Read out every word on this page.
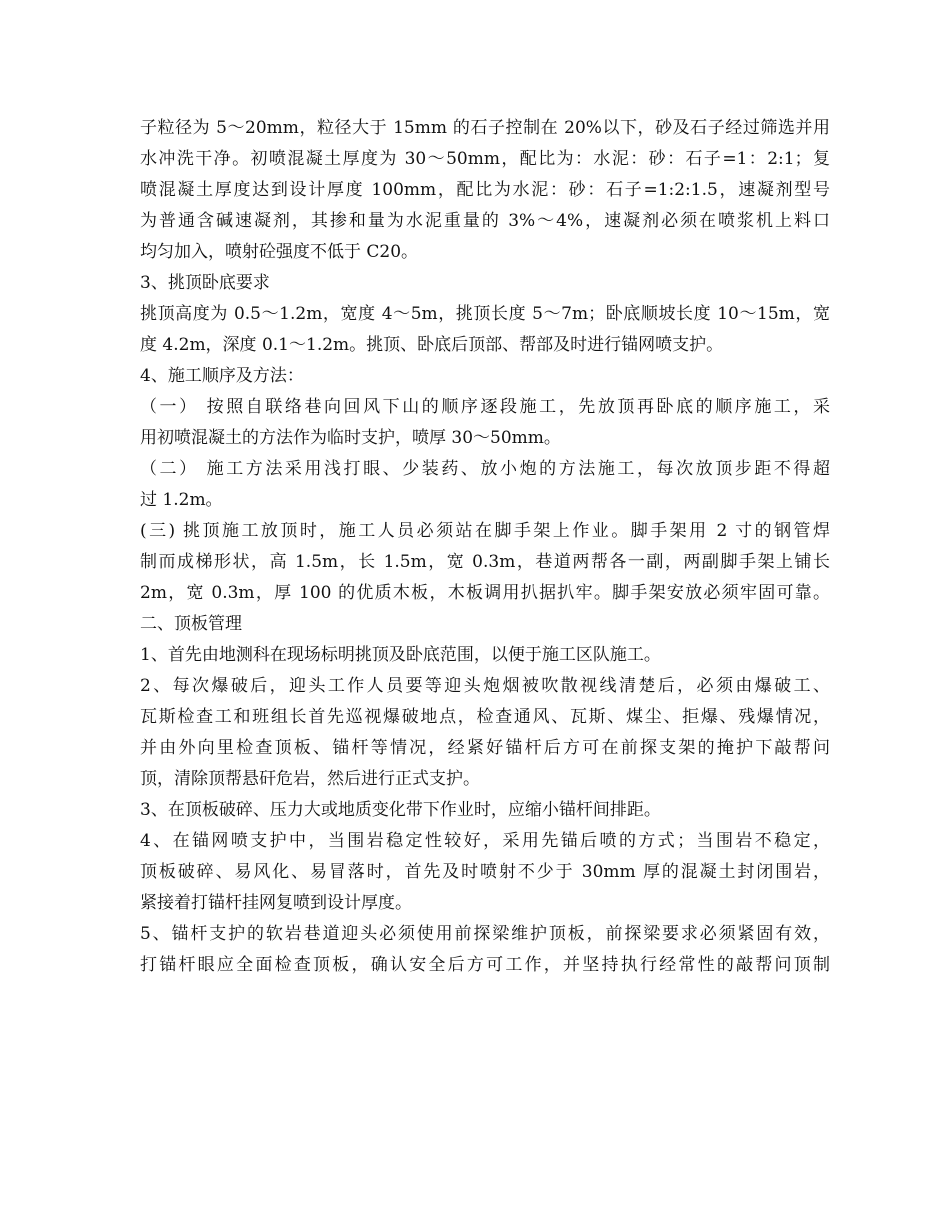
子粒径为 5～20mm，粒径大于 15mm 的石子控制在 20%以下，砂及石子经过筛选并用
水冲洗干净。初喷混凝土厚度为 30～50mm，配比为：水泥：砂：石子=1：2:1；复
喷混凝土厚度达到设计厚度 100mm，配比为水泥：砂：石子=1:2:1.5，速凝剂型号
为普通含碱速凝剂，其掺和量为水泥重量的 3%～4%，速凝剂必须在喷浆机上料口
均匀加入，喷射砼强度不低于 C20。
3、挑顶卧底要求
挑顶高度为 0.5～1.2m，宽度 4～5m，挑顶长度 5～7m；卧底顺坡长度 10～15m，宽
度 4.2m，深度 0.1～1.2m。挑顶、卧底后顶部、帮部及时进行锚网喷支护。
4、施工顺序及方法：
（一） 按照自联络巷向回风下山的顺序逐段施工，先放顶再卧底的顺序施工，采
用初喷混凝土的方法作为临时支护，喷厚 30～50mm。
（二） 施工方法采用浅打眼、少装药、放小炮的方法施工，每次放顶步距不得超
过 1.2m。
(三) 挑顶施工放顶时，施工人员必须站在脚手架上作业。脚手架用 2 寸的钢管焊
制而成梯形状，高 1.5m，长 1.5m，宽 0.3m，巷道两帮各一副，两副脚手架上铺长
2m，宽 0.3m，厚 100 的优质木板，木板调用扒据扒牢。脚手架安放必须牢固可靠。
二、顶板管理
1、首先由地测科在现场标明挑顶及卧底范围，以便于施工区队施工。
2、每次爆破后，迎头工作人员要等迎头炮烟被吹散视线清楚后，必须由爆破工、
瓦斯检查工和班组长首先巡视爆破地点，检查通风、瓦斯、煤尘、拒爆、残爆情况，
并由外向里检查顶板、锚杆等情况，经紧好锚杆后方可在前探支架的掩护下敲帮问
顶，清除顶帮悬矸危岩，然后进行正式支护。
3、在顶板破碎、压力大或地质变化带下作业时，应缩小锚杆间排距。
4、在锚网喷支护中，当围岩稳定性较好，采用先锚后喷的方式；当围岩不稳定，
顶板破碎、易风化、易冒落时，首先及时喷射不少于 30mm 厚的混凝土封闭围岩，
紧接着打锚杆挂网复喷到设计厚度。
5、锚杆支护的软岩巷道迎头必须使用前探梁维护顶板，前探梁要求必须紧固有效，
打锚杆眼应全面检查顶板，确认安全后方可工作，并坚持执行经常性的敲帮问顶制
